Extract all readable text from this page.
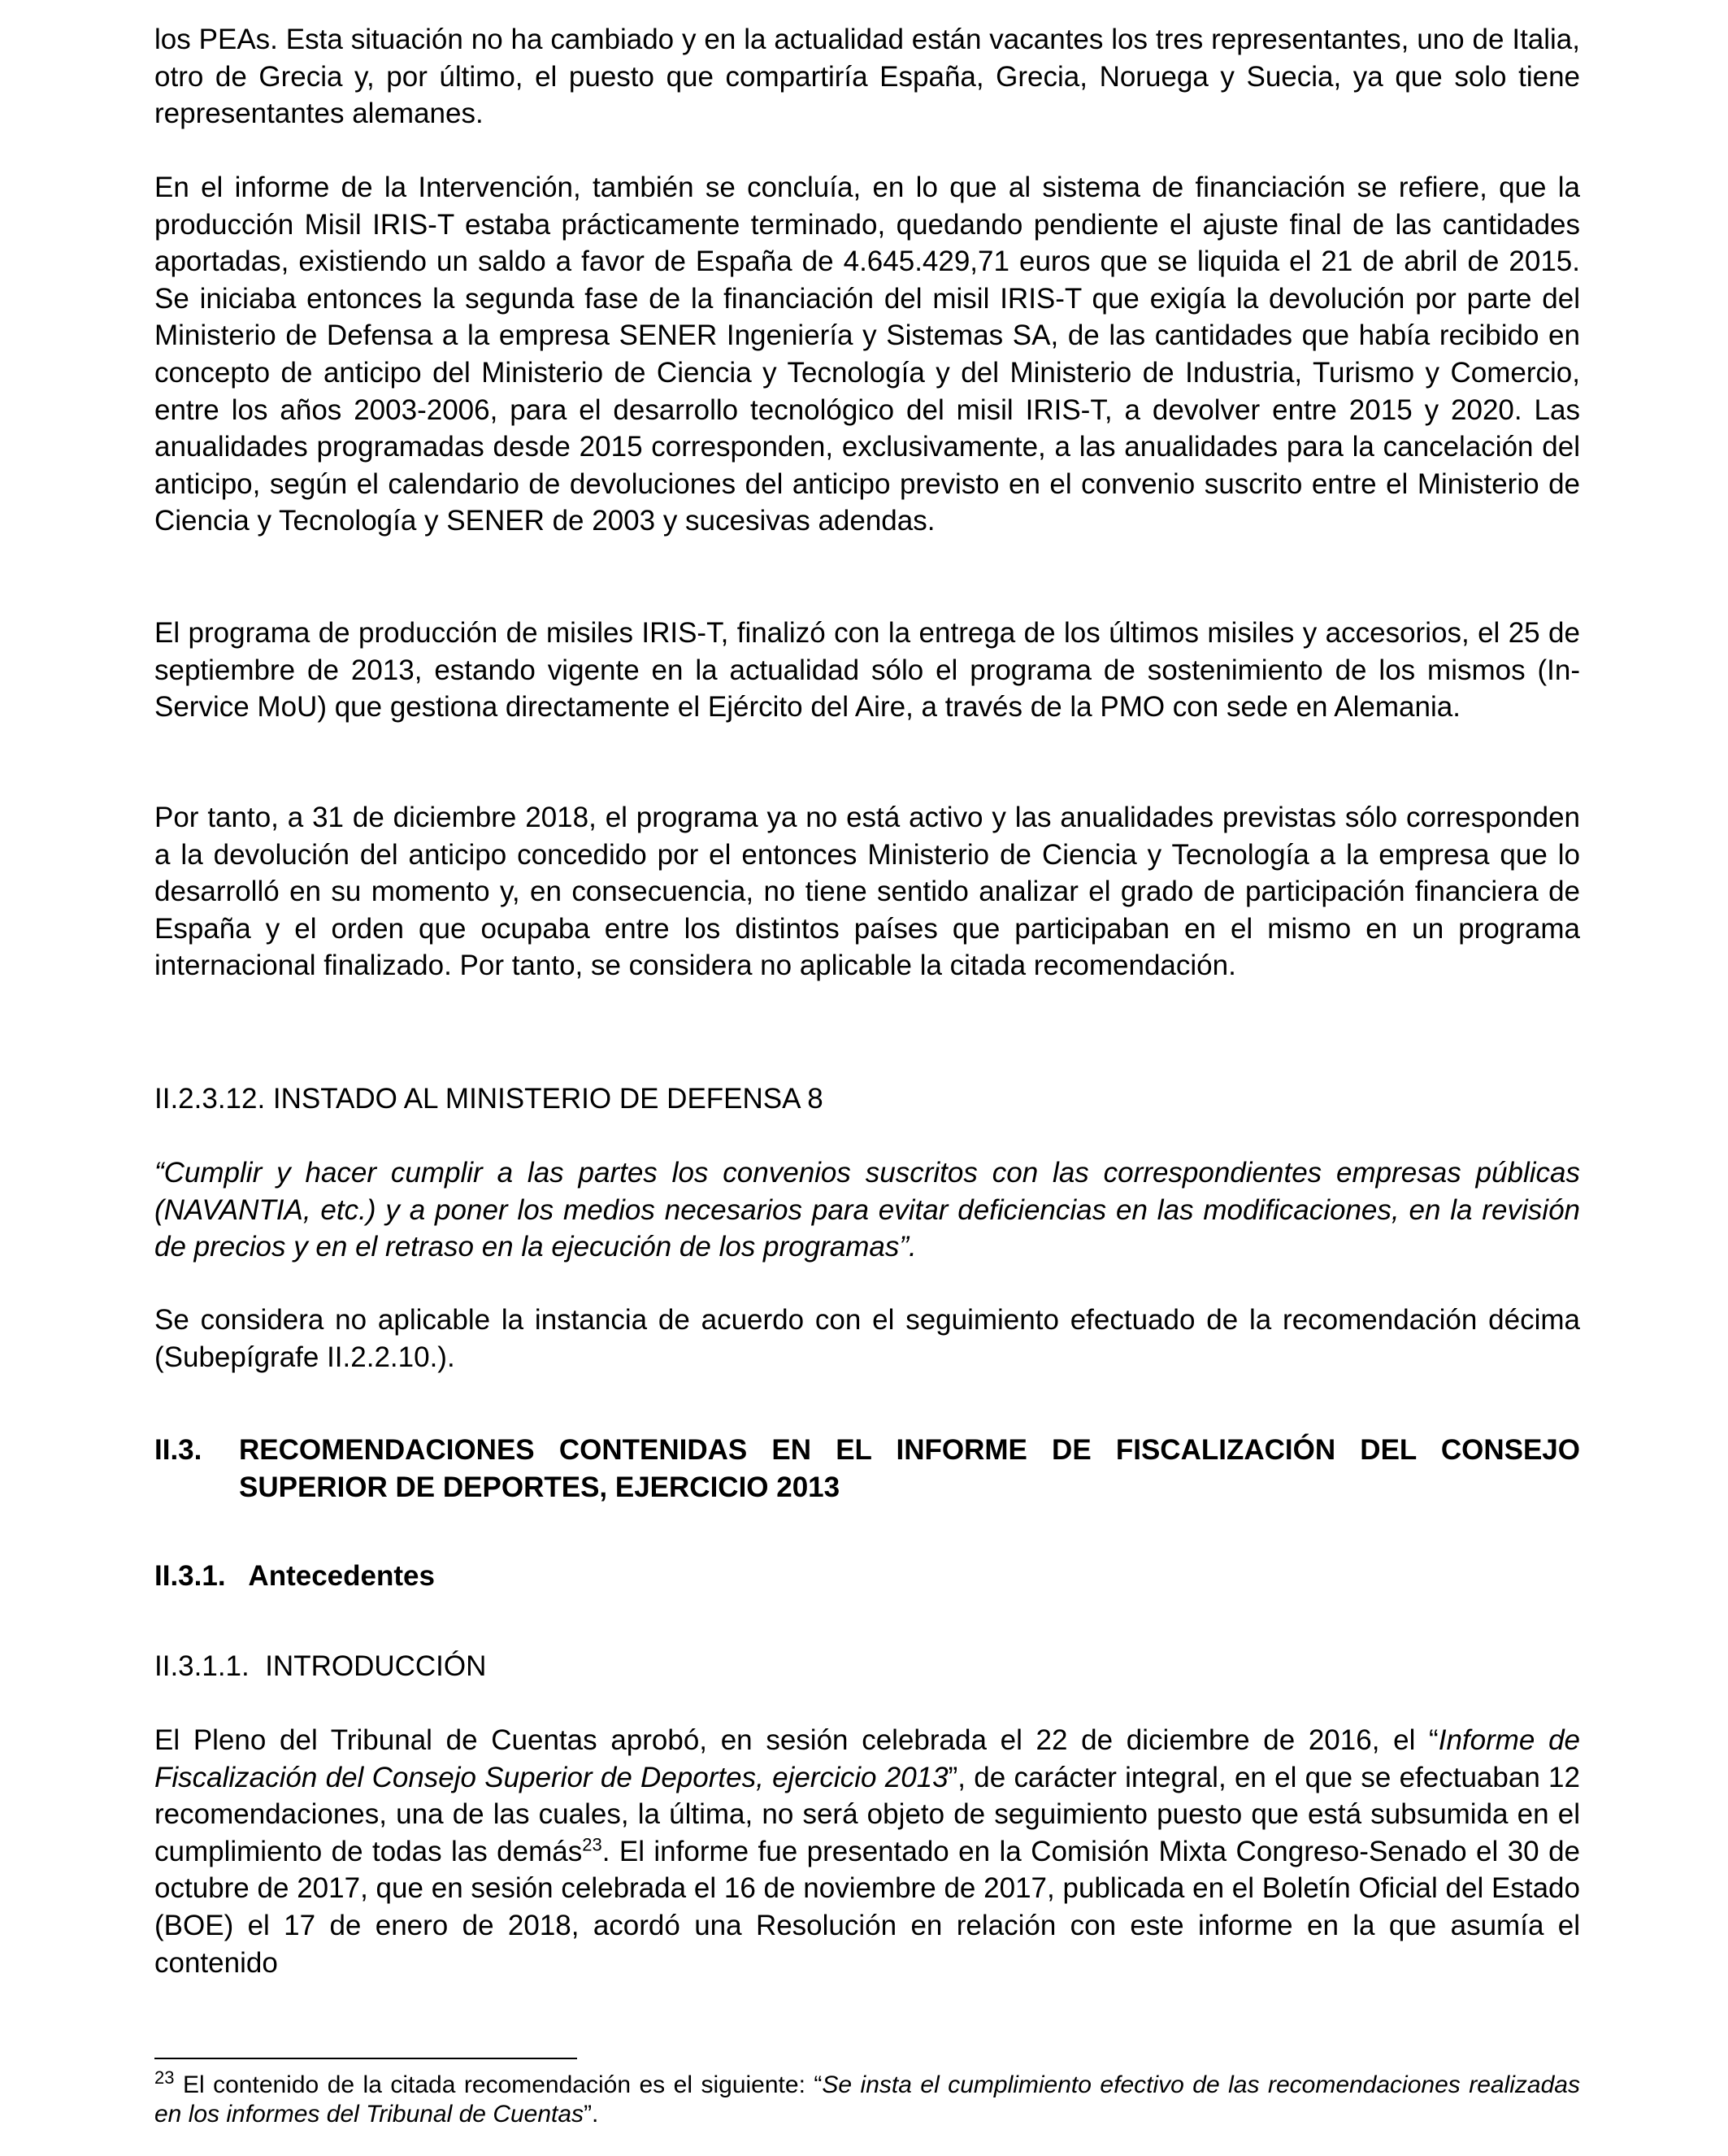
los PEAs. Esta situación no ha cambiado y en la actualidad están vacantes los tres representantes, uno de Italia, otro de Grecia y, por último, el puesto que compartiría España, Grecia, Noruega y Suecia, ya que solo tiene representantes alemanes.

En el informe de la Intervención, también se concluía, en lo que al sistema de financiación se refiere, que la producción Misil IRIS-T estaba prácticamente terminado, quedando pendiente el ajuste final de las cantidades aportadas, existiendo un saldo a favor de España de 4.645.429,71 euros que se liquida el 21 de abril de 2015. Se iniciaba entonces la segunda fase de la financiación del misil IRIS-T que exigía la devolución por parte del Ministerio de Defensa a la empresa SENER Ingeniería y Sistemas SA, de las cantidades que había recibido en concepto de anticipo del Ministerio de Ciencia y Tecnología y del Ministerio de Industria, Turismo y Comercio, entre los años 2003-2006, para el desarrollo tecnológico del misil IRIS-T, a devolver entre 2015 y 2020. Las anualidades programadas desde 2015 corresponden, exclusivamente, a las anualidades para la cancelación del anticipo, según el calendario de devoluciones del anticipo previsto en el convenio suscrito entre el Ministerio de Ciencia y Tecnología y SENER de 2003 y sucesivas adendas.

El programa de producción de misiles IRIS-T, finalizó con la entrega de los últimos misiles y accesorios, el 25 de septiembre de 2013, estando vigente en la actualidad sólo el programa de sostenimiento de los mismos (In-Service MoU) que gestiona directamente el Ejército del Aire, a través de la PMO con sede en Alemania.

Por tanto, a 31 de diciembre 2018, el programa ya no está activo y las anualidades previstas sólo corresponden a la devolución del anticipo concedido por el entonces Ministerio de Ciencia y Tecnología a la empresa que lo desarrolló en su momento y, en consecuencia, no tiene sentido analizar el grado de participación financiera de España y el orden que ocupaba entre los distintos países que participaban en el mismo en un programa internacional finalizado. Por tanto, se considera no aplicable la citada recomendación.

II.2.3.12. INSTADO AL MINISTERIO DE DEFENSA 8

“Cumplir y hacer cumplir a las partes los convenios suscritos con las correspondientes empresas públicas (NAVANTIA, etc.) y a poner los medios necesarios para evitar deficiencias en las modificaciones, en la revisión de precios y en el retraso en la ejecución de los programas”.

Se considera no aplicable la instancia de acuerdo con el seguimiento efectuado de la recomendación décima (Subepígrafe II.2.2.10.).

II.3. RECOMENDACIONES CONTENIDAS EN EL INFORME DE FISCALIZACIÓN DEL CONSEJO SUPERIOR DE DEPORTES, EJERCICIO 2013
II.3.1.   Antecedentes
II.3.1.1.  INTRODUCCIÓN

El Pleno del Tribunal de Cuentas aprobó, en sesión celebrada el 22 de diciembre de 2016, el “Informe de Fiscalización del Consejo Superior de Deportes, ejercicio 2013”, de carácter integral, en el que se efectuaban 12 recomendaciones, una de las cuales, la última, no será objeto de seguimiento puesto que está subsumida en el cumplimiento de todas las demás$^{23}$. El informe fue presentado en la Comisión Mixta Congreso-Senado el 30 de octubre de 2017, que en sesión celebrada el 16 de noviembre de 2017, publicada en el Boletín Oficial del Estado (BOE) el 17 de enero de 2018, acordó una Resolución en relación con este informe en la que asumía el contenido

$^{23}$ El contenido de la citada recomendación es el siguiente: “Se insta el cumplimiento efectivo de las recomendaciones realizadas en los informes del Tribunal de Cuentas”.
